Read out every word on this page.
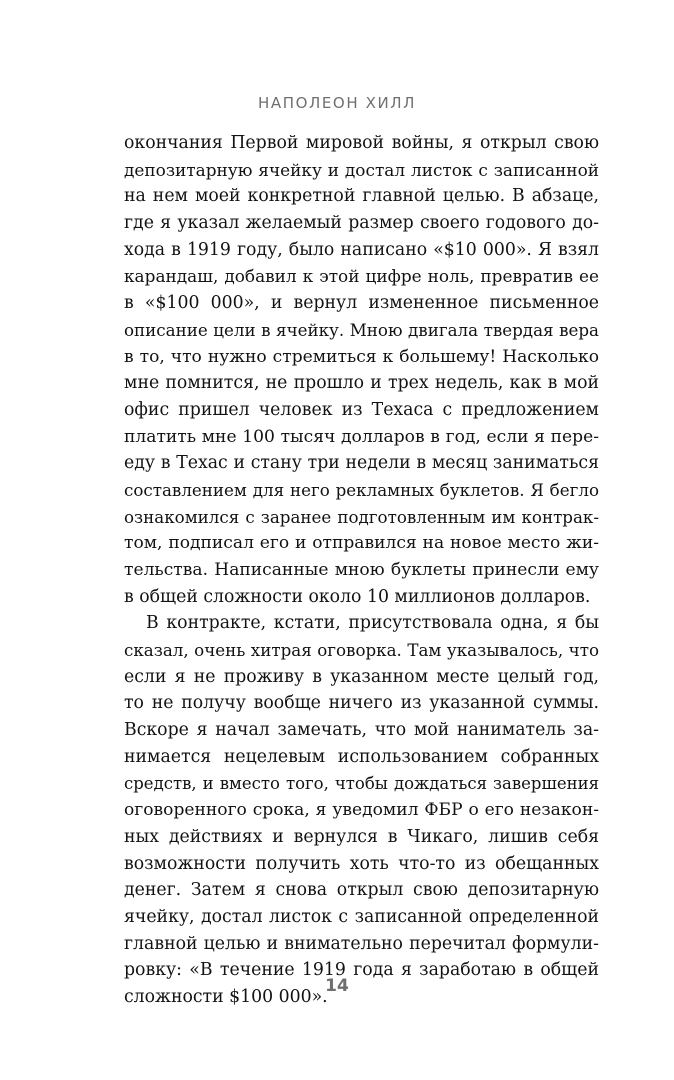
НАПОЛЕОН ХИЛЛ
окончания Первой мировой войны, я открыл свою
депозитарную ячейку и достал листок с записанной
на нем моей конкретной главной целью. В абзаце,
где я указал желаемый размер своего годового до-
хода в 1919 году, было написано «$10 000». Я взял
карандаш, добавил к этой цифре ноль, превратив ее
в «$100 000», и вернул измененное письменное
описание цели в ячейку. Мною двигала твердая вера
в то, что нужно стремиться к большему! Насколько
мне помнится, не прошло и трех недель, как в мой
офис пришел человек из Техаса с предложением
платить мне 100 тысяч долларов в год, если я пере-
еду в Техас и стану три недели в месяц заниматься
составлением для него рекламных буклетов. Я бегло
ознакомился с заранее подготовленным им контрак-
том, подписал его и отправился на новое место жи-
тельства. Написанные мною буклеты принесли ему
в общей сложности около 10 миллионов долларов.
В контракте, кстати, присутствовала одна, я бы
сказал, очень хитрая оговорка. Там указывалось, что
если я не проживу в указанном месте целый год,
то не получу вообще ничего из указанной суммы.
Вскоре я начал замечать, что мой наниматель за-
нимается нецелевым использованием собранных
средств, и вместо того, чтобы дождаться завершения
оговоренного срока, я уведомил ФБР о его незакон-
ных действиях и вернулся в Чикаго, лишив себя
возможности получить хоть что-то из обещанных
денег. Затем я снова открыл свою депозитарную
ячейку, достал листок с записанной определенной
главной целью и внимательно перечитал формули-
ровку: «В течение 1919 года я заработаю в общей
сложности $100 000».
14
